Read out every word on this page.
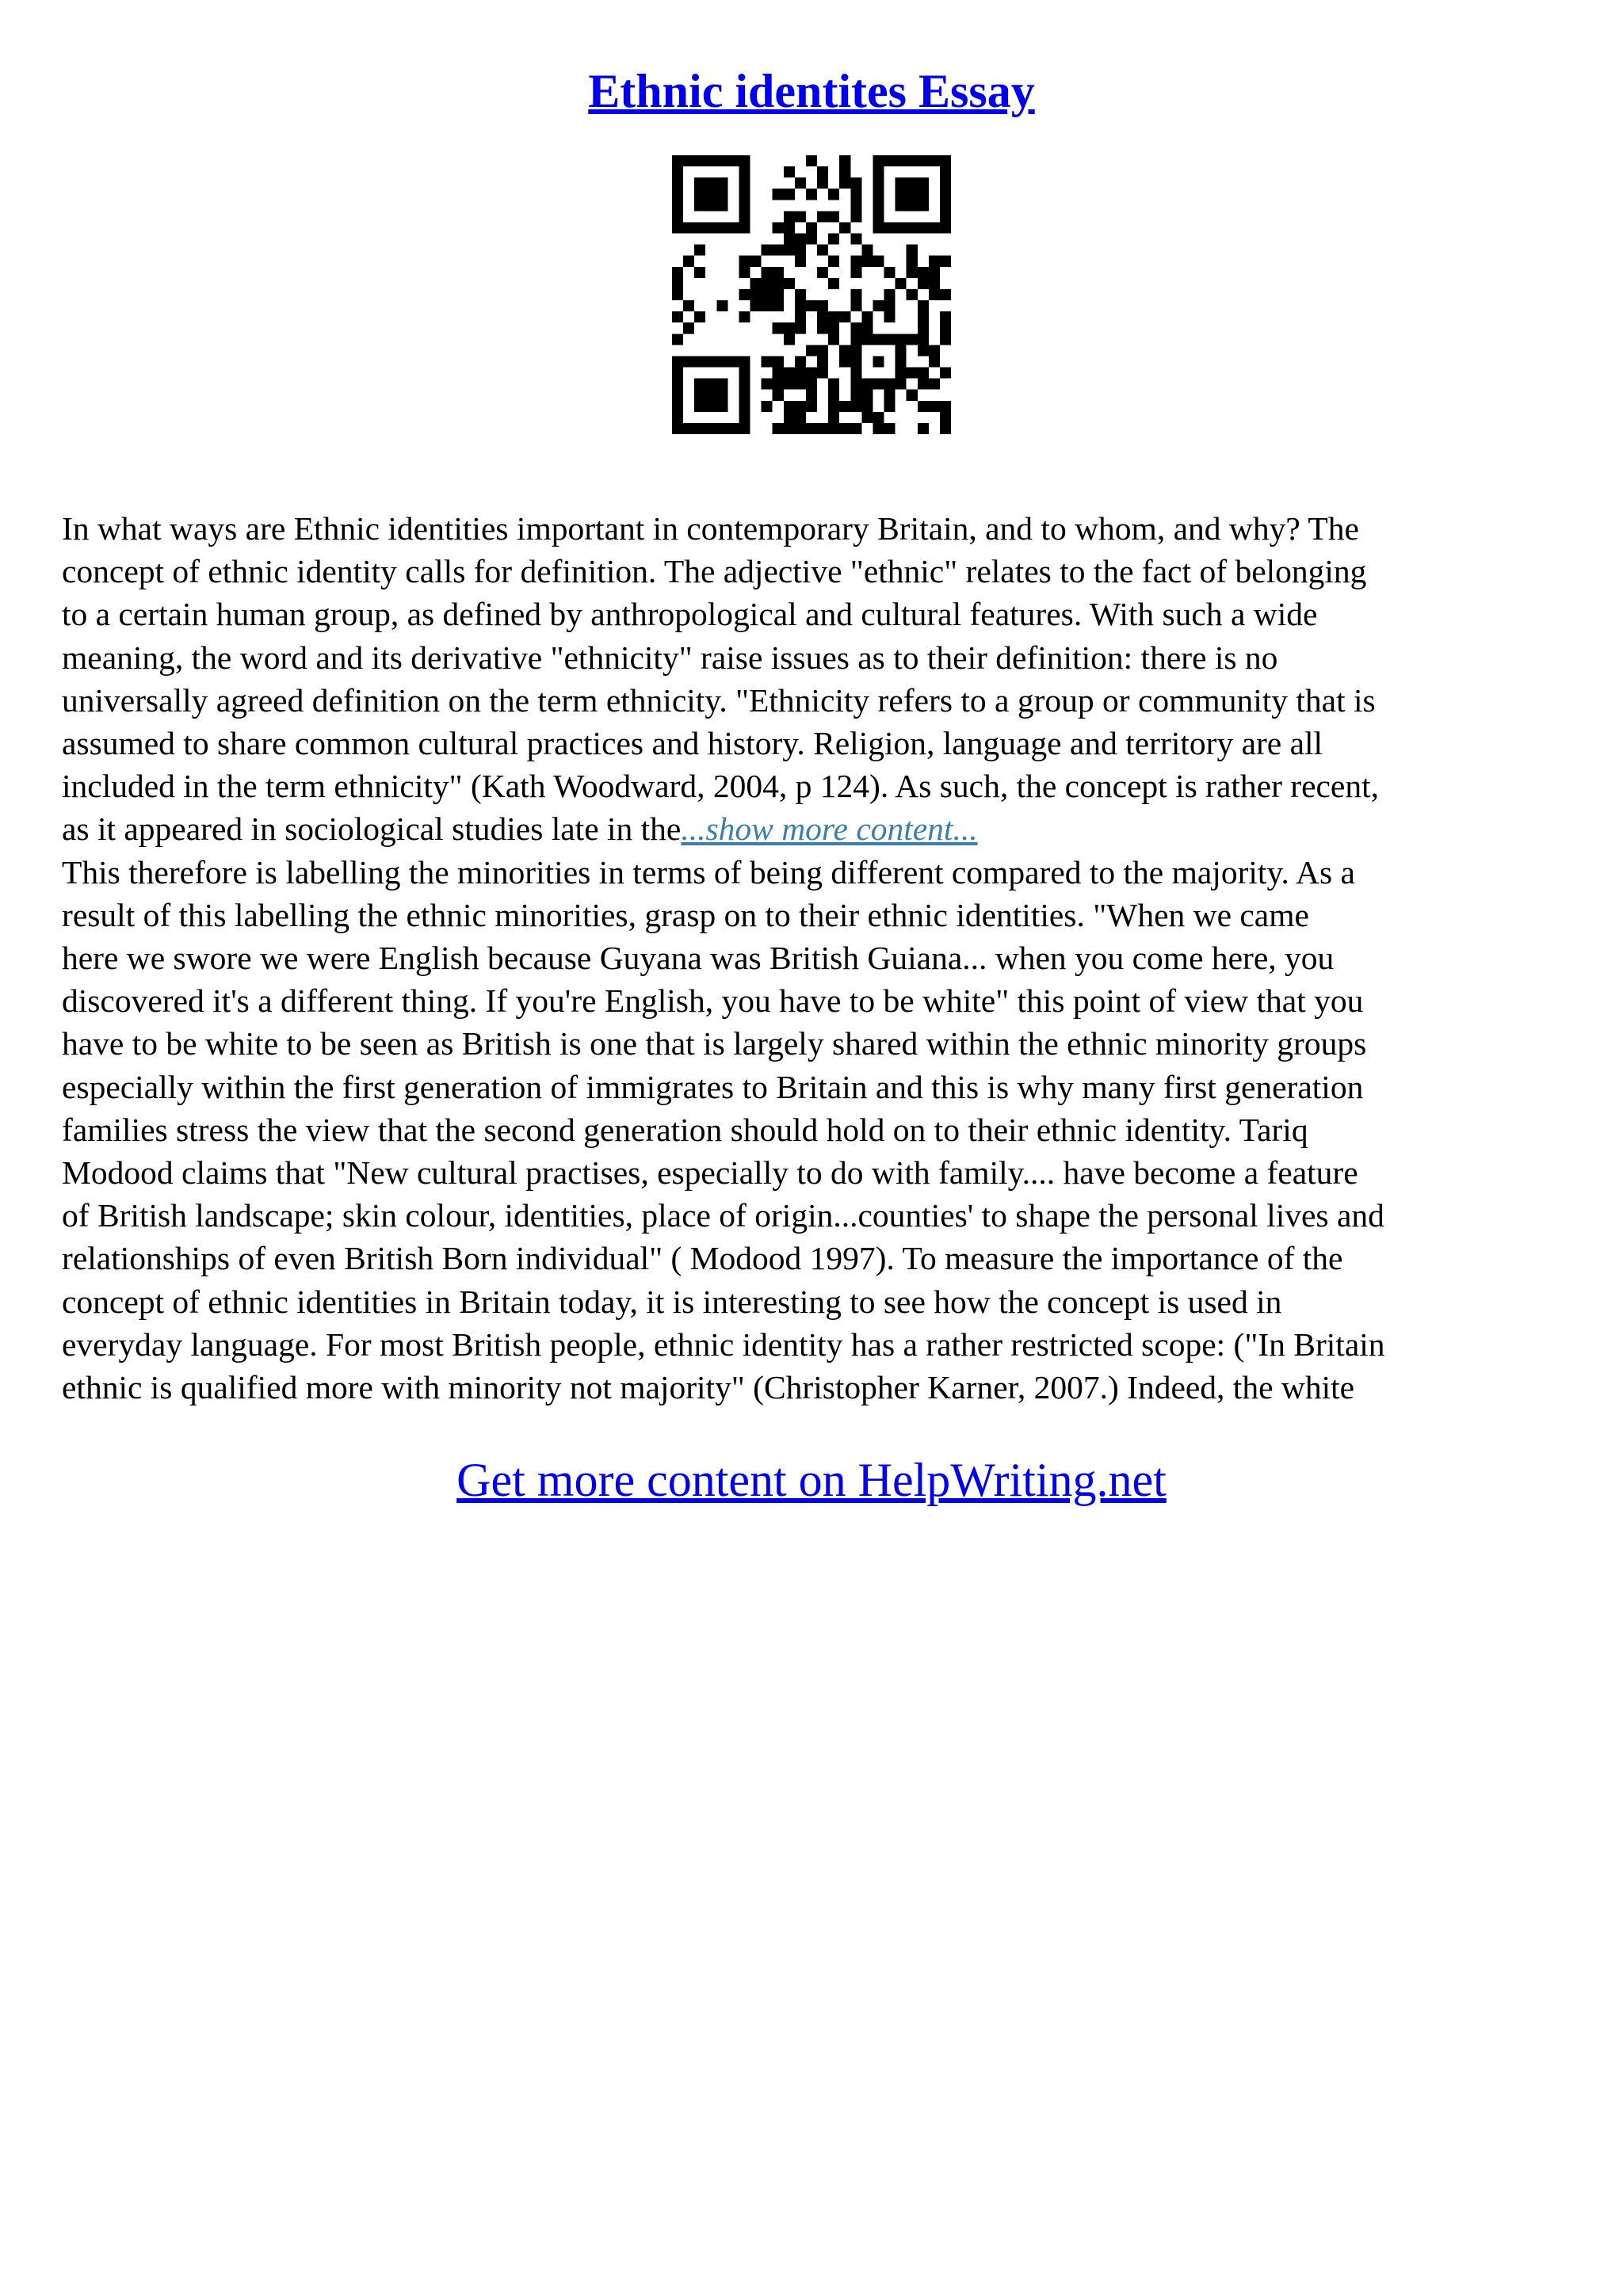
Ethnic identites Essay
In what ways are Ethnic identities important in contemporary Britain, and to whom, and why? The
concept of ethnic identity calls for definition. The adjective "ethnic" relates to the fact of belonging
to a certain human group, as defined by anthropological and cultural features. With such a wide
meaning, the word and its derivative "ethnicity" raise issues as to their definition: there is no
universally agreed definition on the term ethnicity. "Ethnicity refers to a group or community that is
assumed to share common cultural practices and history. Religion, language and territory are all
included in the term ethnicity" (Kath Woodward, 2004, p 124). As such, the concept is rather recent,
as it appeared in sociological studies late in the...show more content...
This therefore is labelling the minorities in terms of being different compared to the majority. As a
result of this labelling the ethnic minorities, grasp on to their ethnic identities. "When we came
here we swore we were English because Guyana was British Guiana... when you come here, you
discovered it's a different thing. If you're English, you have to be white" this point of view that you
have to be white to be seen as British is one that is largely shared within the ethnic minority groups
especially within the first generation of immigrates to Britain and this is why many first generation
families stress the view that the second generation should hold on to their ethnic identity. Tariq
Modood claims that "New cultural practises, especially to do with family.... have become a feature
of British landscape; skin colour, identities, place of origin...counties' to shape the personal lives and
relationships of even British Born individual" ( Modood 1997). To measure the importance of the
concept of ethnic identities in Britain today, it is interesting to see how the concept is used in
everyday language. For most British people, ethnic identity has a rather restricted scope: ("In Britain
ethnic is qualified more with minority not majority" (Christopher Karner, 2007.) Indeed, the white
Get more content on HelpWriting.net
